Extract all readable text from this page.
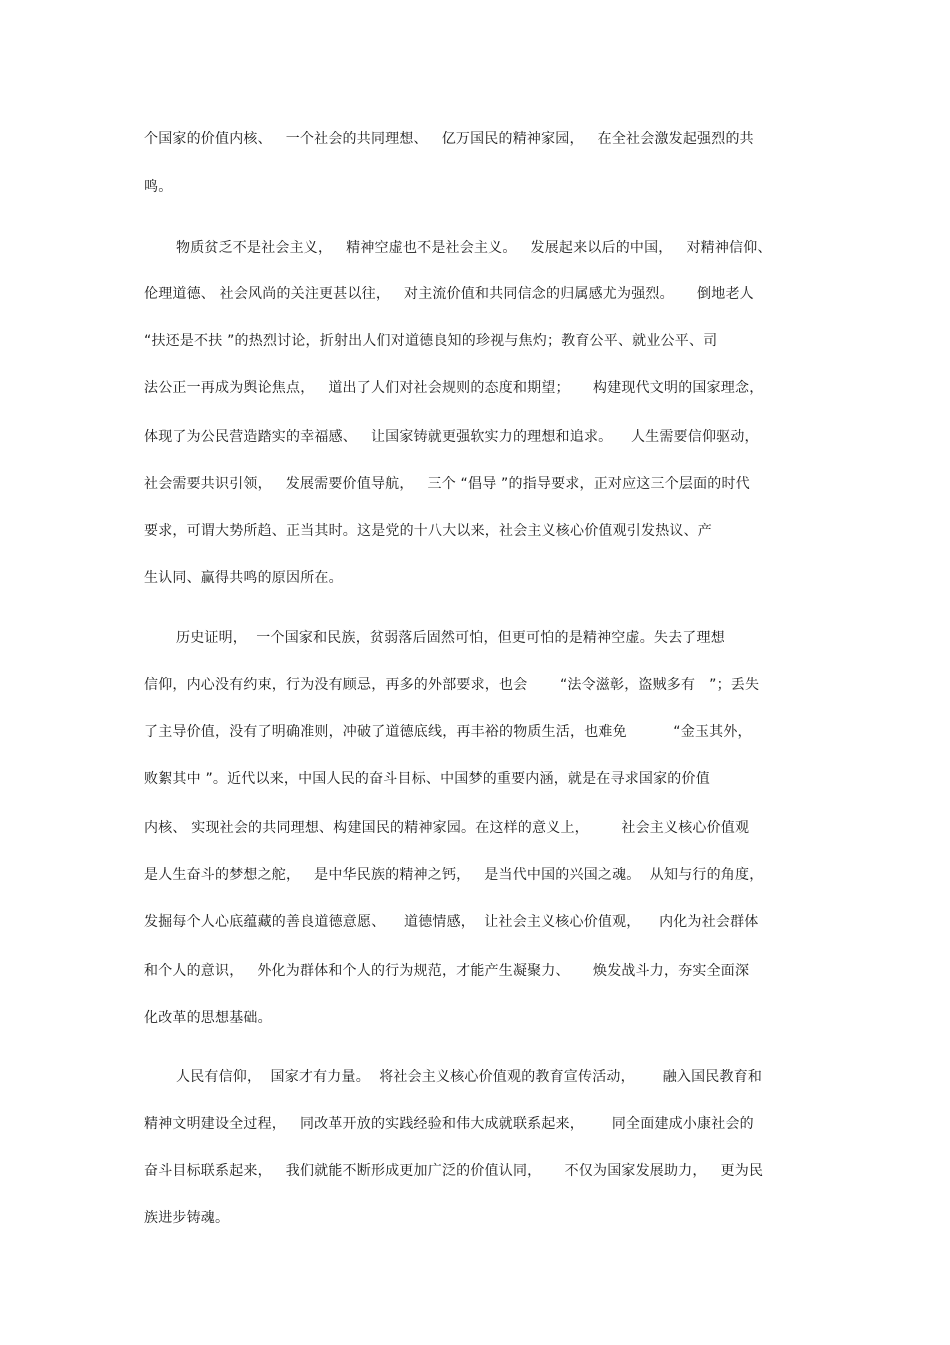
个国家的价值内核、   一个社会的共同理想、   亿万国民的精神家园，   在全社会激发起强烈的共
鸣。
物质贫乏不是社会主义，   精神空虚也不是社会主义。   发展起来以后的中国，   对精神信仰、
伦理道德、 社会风尚的关注更甚以往，   对主流价值和共同信念的归属感尤为强烈。     倒地老人
“扶还是不扶 ”的热烈讨论，折射出人们对道德良知的珍视与焦灼；教育公平、就业公平、司
法公正一再成为舆论焦点，   道出了人们对社会规则的态度和期望；     构建现代文明的国家理念，
体现了为公民营造踏实的幸福感、   让国家铸就更强软实力的理想和追求。    人生需要信仰驱动，
社会需要共识引领，   发展需要价值导航，   三个 “倡导 ”的指导要求，正对应这三个层面的时代
要求，可谓大势所趋、正当其时。这是党的十八大以来，社会主义核心价值观引发热议、产
生认同、赢得共鸣的原因所在。
历史证明，  一个国家和民族，贫弱落后固然可怕，但更可怕的是精神空虚。失去了理想
信仰，内心没有约束，行为没有顾忌，再多的外部要求，也会       “法令滋彰，盗贼多有   ”；丢失
了主导价值，没有了明确准则，冲破了道德底线，再丰裕的物质生活，也难免          “金玉其外，
败絮其中 ”。近代以来，中国人民的奋斗目标、中国梦的重要内涵，就是在寻求国家的价值
内核、 实现社会的共同理想、构建国民的精神家园。在这样的意义上，       社会主义核心价值观
是人生奋斗的梦想之舵，   是中华民族的精神之钙，   是当代中国的兴国之魂。  从知与行的角度，
发掘每个人心底蕴藏的善良道德意愿、    道德情感，  让社会主义核心价值观，    内化为社会群体
和个人的意识，   外化为群体和个人的行为规范，才能产生凝聚力、     焕发战斗力，夯实全面深
化改革的思想基础。
人民有信仰，  国家才有力量。  将社会主义核心价值观的教育宣传活动，      融入国民教育和
精神文明建设全过程，   同改革开放的实践经验和伟大成就联系起来，      同全面建成小康社会的
奋斗目标联系起来，   我们就能不断形成更加广泛的价值认同，     不仅为国家发展助力，   更为民
族进步铸魂。
